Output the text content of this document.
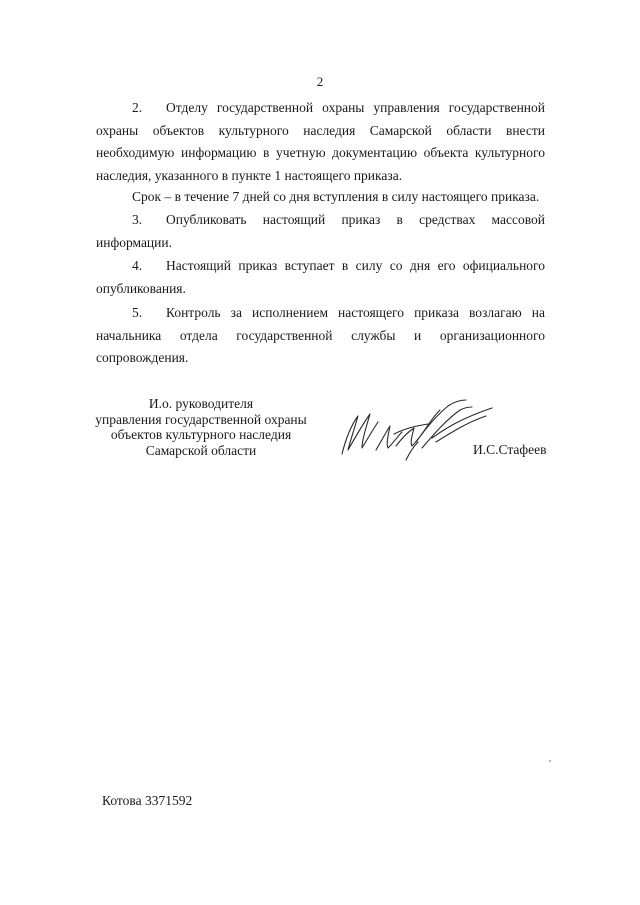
2

2. Отделу государственной охраны управления государственной охраны объектов культурного наследия Самарской области внести необходимую информацию в учетную документацию объекта культурного наследия, указанного в пункте 1 настоящего приказа.

Срок – в течение 7 дней со дня вступления в силу настоящего приказа.

3. Опубликовать настоящий приказ в средствах массовой информации.

4. Настоящий приказ вступает в силу со дня его официального опубликования.

5. Контроль за исполнением настоящего приказа возлагаю на начальника отдела государственной службы и организационного сопровождения.

И.о. руководителя
управления государственной охраны
объектов культурного наследия
Самарской области	И.С.Стафеев
Котова 3371592
